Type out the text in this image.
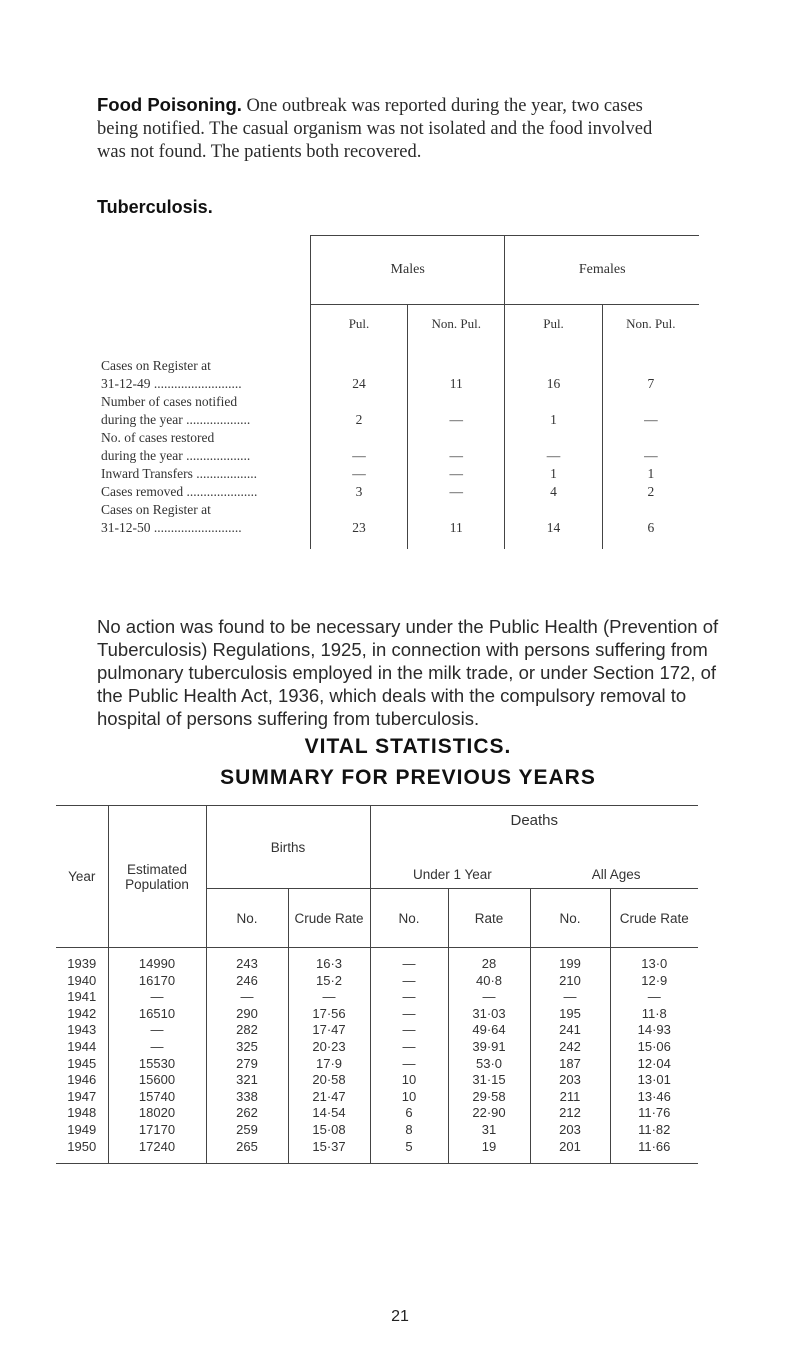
Food Poisoning. One outbreak was reported during the year, two cases being notified. The casual organism was not isolated and the food involved was not found. The patients both recovered.

Tuberculosis.
	Males		Females	
	Pul.	Non. Pul.	Pul.	Non. Pul.

Cases on Register at
31-12-49 ..........................	24	11	16	7

Number of cases notified
during the year ...................	2	—	1	—

No. of cases restored
during the year ...................	—	—	—	—

Inward Transfers ..................	—	—	1	1

Cases removed .....................	3	—	4	2

Cases on Register at
31-12-50 ..........................	23	11	14	6

No action was found to be necessary under the Public Health (Prevention of Tuberculosis) Regulations, 1925, in connection with persons suffering from pulmonary tuberculosis employed in the milk trade, or under Section 172, of the Public Health Act, 1936, which deals with the compulsory removal to hospital of persons suffering from tuberculosis.

VITAL STATISTICS.
SUMMARY FOR PREVIOUS YEARS
Year	Estimated Population	Births		Deaths
Under 1 Year All Ages			

		No.	Crude Rate	No.	Rate	No.	Crude Rate
1939	14990	243	16·3	—	28	199	13·0
1940	16170	246	15·2	—	40·8	210	12·9
1941	—	—	—	—	—	—	—
1942	16510	290	17·56	—	31·03	195	11·8
1943	—	282	17·47	—	49·64	241	14·93
1944	—	325	20·23	—	39·91	242	15·06
1945	15530	279	17·9	—	53·0	187	12·04
1946	15600	321	20·58	10	31·15	203	13·01
1947	15740	338	21·47	10	29·58	211	13·46
1948	18020	262	14·54	6	22·90	212	11·76
1949	17170	259	15·08	8	31	203	11·82
1950	17240	265	15·37	5	19	201	11·66
21
